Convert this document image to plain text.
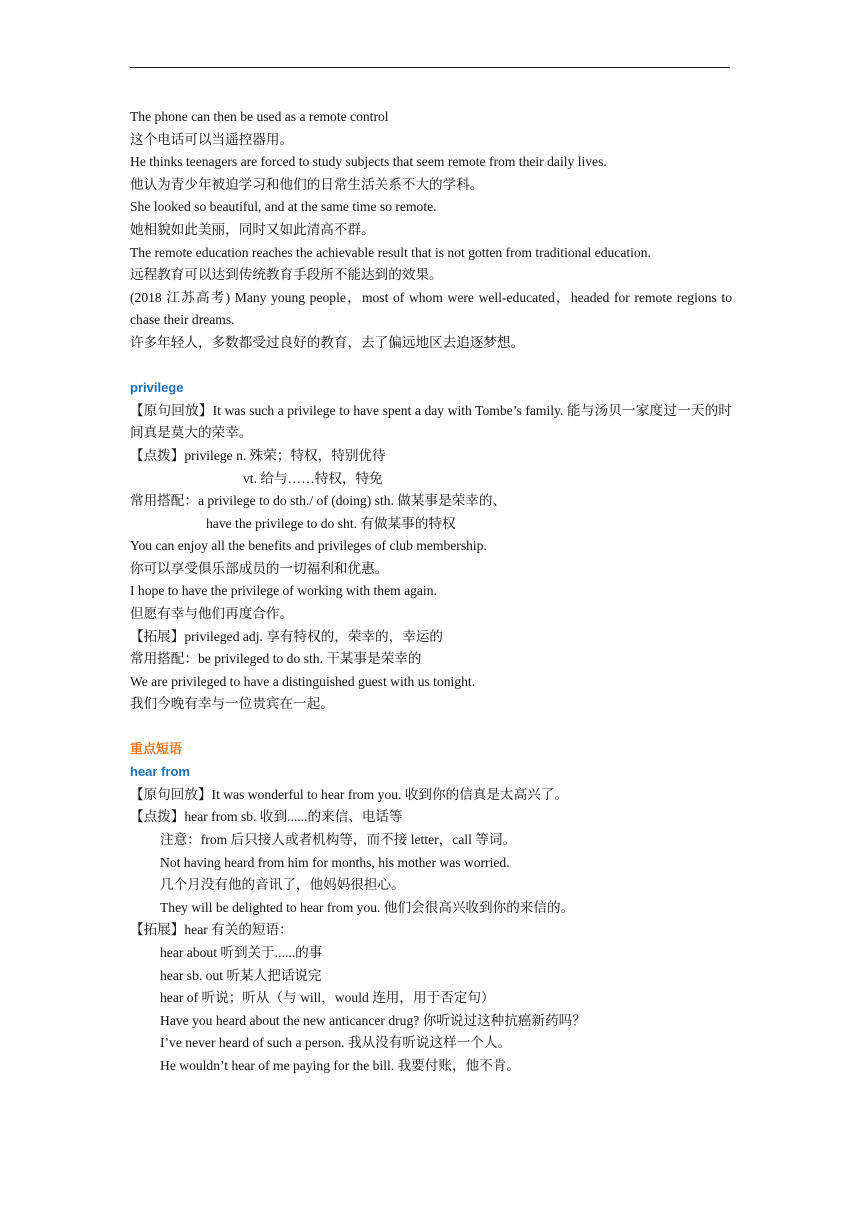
The phone can then be used as a remote control
这个电话可以当遥控器用。
He thinks teenagers are forced to study subjects that seem remote from their daily lives.
他认为青少年被迫学习和他们的日常生活关系不大的学科。
She looked so beautiful, and at the same time so remote.
她相貌如此美丽，同时又如此清高不群。
The remote education reaches the achievable result that is not gotten from traditional education.
远程教育可以达到传统教育手段所不能达到的效果。
(2018 江苏高考) Many young people，most of whom were well-educated，headed for remote regions to chase their dreams.
许多年轻人，多数都受过良好的教育，去了偏远地区去追逐梦想。
privilege
【原句回放】It was such a privilege to have spent a day with Tombe’s family. 能与汤贝一家度过一天的时间真是莫大的荣幸。
【点拨】privilege n. 殊荣；特权，特别优待
vt. 给与……特权，特免
常用搭配：a privilege to do sth./ of (doing) sth. 做某事是荣幸的、
have the privilege to do sht. 有做某事的特权
You can enjoy all the benefits and privileges of club membership.
你可以享受俱乐部成员的一切福利和优惠。
I hope to have the privilege of working with them again.
但愿有幸与他们再度合作。
【拓展】privileged adj. 享有特权的，荣幸的，幸运的
常用搭配：be privileged to do sth. 干某事是荣幸的
We are privileged to have a distinguished guest with us tonight.
我们今晚有幸与一位贵宾在一起。
重点短语
hear from
【原句回放】It was wonderful to hear from you. 收到你的信真是太高兴了。
【点拨】hear from sb. 收到......的来信、电话等
注意：from 后只接人或者机构等，而不接 letter，call 等词。
Not having heard from him for months, his mother was worried.
几个月没有他的音讯了，他妈妈很担心。
They will be delighted to hear from you. 他们会很高兴收到你的来信的。
【拓展】hear 有关的短语：
hear about 听到关于......的事
hear sb. out 听某人把话说完
hear of 听说；听从（与 will，would 连用，用于否定句）
Have you heard about the new anticancer drug? 你听说过这种抗癌新药吗？
I’ve never heard of such a person. 我从没有听说这样一个人。
He wouldn’t hear of me paying for the bill. 我要付账，他不肯。
